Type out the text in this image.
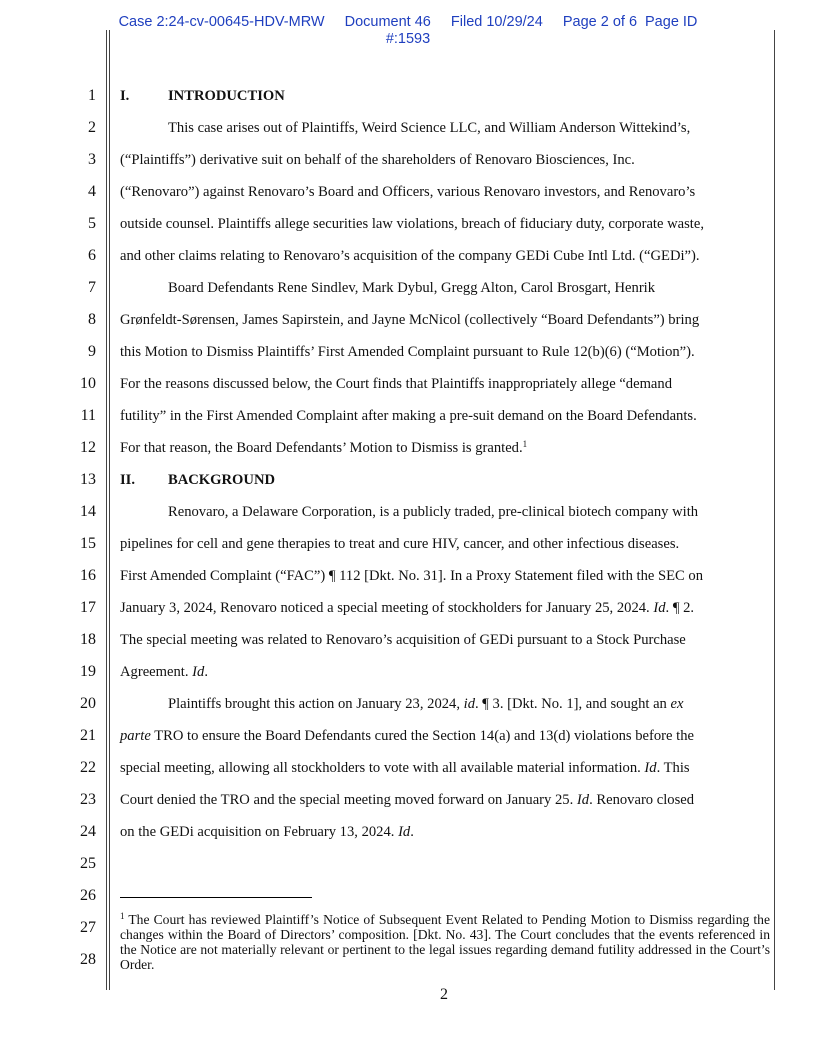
Case 2:24-cv-00645-HDV-MRW Document 46 Filed 10/29/24 Page 2 of 6 Page ID
#:1593
1
2
3
4
5
6
7
8
9
10
11
12
13
14
15
16
17
18
19
20
21
22
23
24
25
26
27
28
I.	INTRODUCTION
This case arises out of Plaintiffs, Weird Science LLC, and William Anderson Wittekind’s,
(“Plaintiffs”) derivative suit on behalf of the shareholders of Renovaro Biosciences, Inc.
(“Renovaro”) against Renovaro’s Board and Officers, various Renovaro investors, and Renovaro’s
outside counsel. Plaintiffs allege securities law violations, breach of fiduciary duty, corporate waste,
and other claims relating to Renovaro’s acquisition of the company GEDi Cube Intl Ltd. (“GEDi”).
Board Defendants Rene Sindlev, Mark Dybul, Gregg Alton, Carol Brosgart, Henrik
Grønfeldt-Sørensen, James Sapirstein, and Jayne McNicol (collectively “Board Defendants”) bring
this Motion to Dismiss Plaintiffs’ First Amended Complaint pursuant to Rule 12(b)(6) (“Motion”).
For the reasons discussed below, the Court finds that Plaintiffs inappropriately allege “demand
futility” in the First Amended Complaint after making a pre-suit demand on the Board Defendants.
For that reason, the Board Defendants’ Motion to Dismiss is granted.$^1$
II. BACKGROUND
Renovaro, a Delaware Corporation, is a publicly traded, pre-clinical biotech company with
pipelines for cell and gene therapies to treat and cure HIV, cancer, and other infectious diseases.
First Amended Complaint (“FAC”) ¶ 112 [Dkt. No. 31]. In a Proxy Statement filed with the SEC on
January 3, 2024, Renovaro noticed a special meeting of stockholders for January 25, 2024. Id. ¶ 2.
The special meeting was related to Renovaro’s acquisition of GEDi pursuant to a Stock Purchase
Agreement. Id.
Plaintiffs brought this action on January 23, 2024, id. ¶ 3. [Dkt. No. 1], and sought an ex
parte TRO to ensure the Board Defendants cured the Section 14(a) and 13(d) violations before the
special meeting, allowing all stockholders to vote with all available material information. Id. This
Court denied the TRO and the special meeting moved forward on January 25. Id. Renovaro closed
on the GEDi acquisition on February 13, 2024. Id.
$^1$ The Court has reviewed Plaintiff’s Notice of Subsequent Event Related to Pending Motion to Dismiss regarding the changes within the Board of Directors’ composition. [Dkt. No. 43]. The Court concludes that the events referenced in the Notice are not materially relevant or pertinent to the legal issues regarding demand futility addressed in the Court’s Order.
2
